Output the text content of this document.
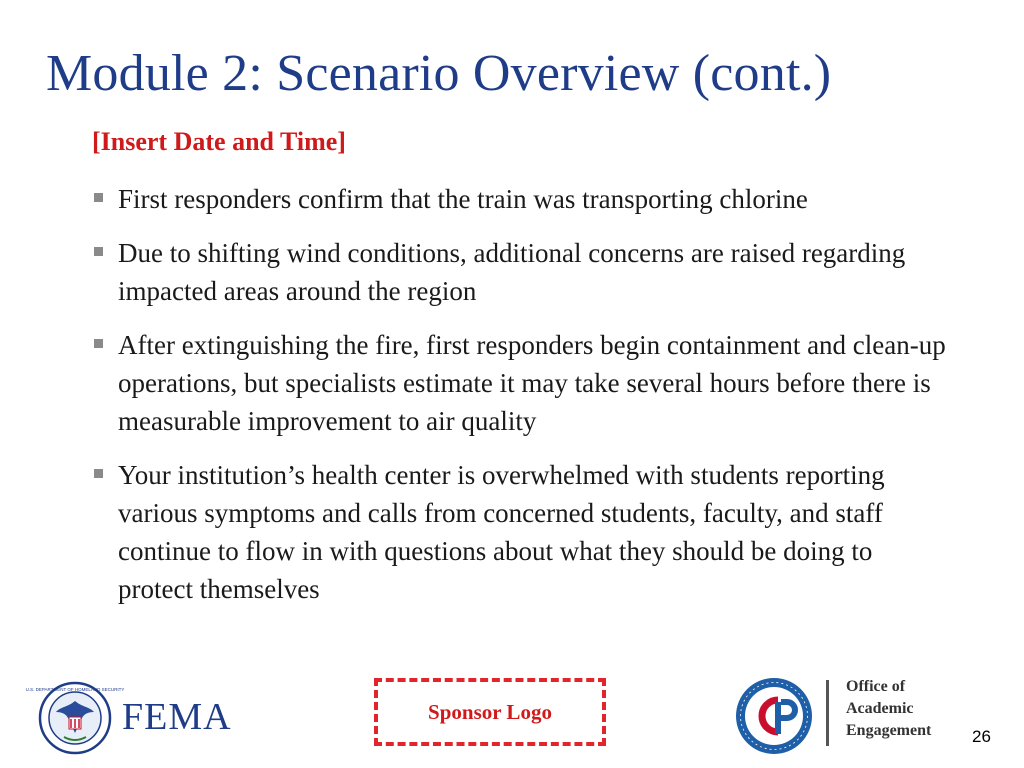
Module 2: Scenario Overview (cont.)
[Insert Date and Time]
First responders confirm that the train was transporting chlorine
Due to shifting wind conditions, additional concerns are raised regarding impacted areas around the region
After extinguishing the fire, first responders begin containment and clean-up operations, but specialists estimate it may take several hours before there is measurable improvement to air quality
Your institution’s health center is overwhelmed with students reporting various symptoms and calls from concerned students, faculty, and staff continue to flow in with questions about what they should be doing to protect themselves
U.S. DEPARTMENT OF HOMELAND SECURITY
FEMA	Sponsor Logo
Office of
Academic
Engagement 26
